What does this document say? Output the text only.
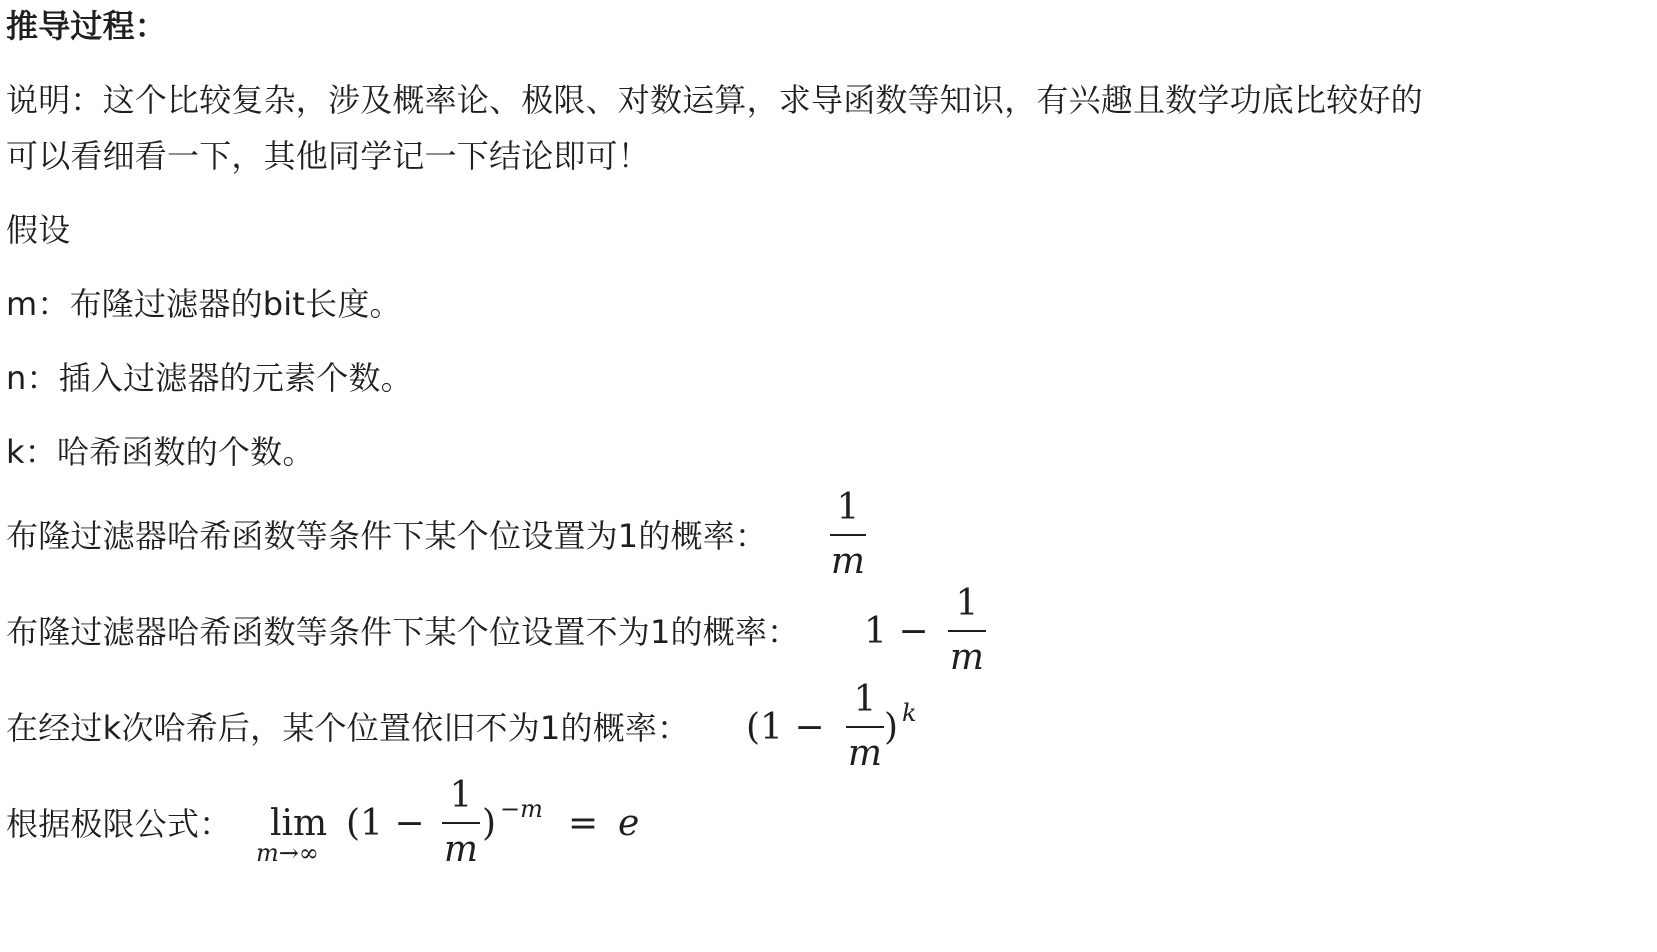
推导过程：
说明：这个比较复杂，涉及概率论、极限、对数运算，求导函数等知识，有兴趣且数学功底比较好的
可以看细看一下，其他同学记一下结论即可！
假设
m：布隆过滤器的bit长度。
n：插入过滤器的元素个数。
k：哈希函数的个数。
布隆过滤器哈希函数等条件下某个位设置为1的概率： $\frac{1}{m}$
布隆过滤器哈希函数等条件下某个位设置不为1的概率： 1 −
1
m
在经过k次哈希后，某个位置依旧不为1的概率： (1 −
1
m
) k
根据极限公式： lim
m→∞
(1 −
1
m
) −m = e
